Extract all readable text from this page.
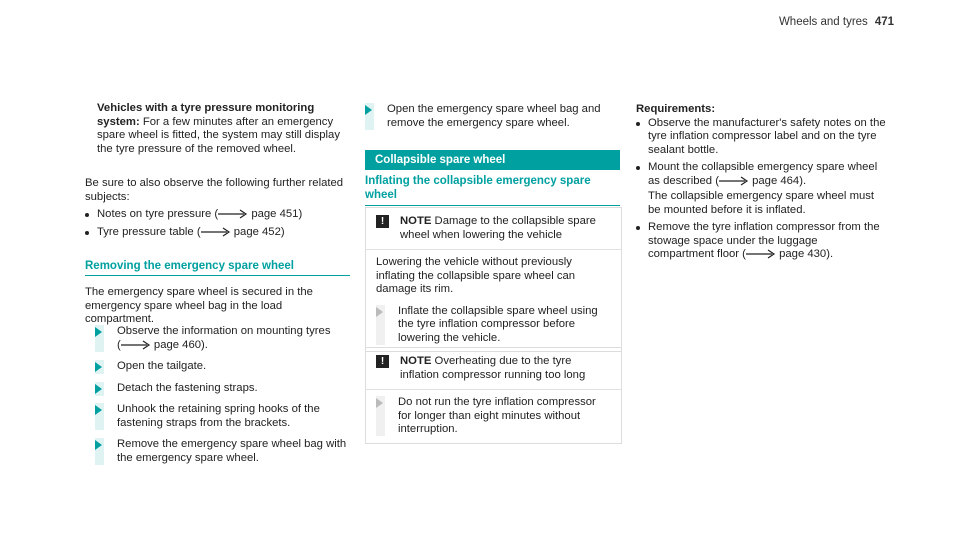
Wheels and tyres 471
Vehicles with a tyre pressure monitoring system: For a few minutes after an emergency spare wheel is fitted, the system may still display the tyre pressure of the removed wheel.
Be sure to also observe the following further related subjects:
Notes on tyre pressure (	page 451)
Tyre pressure table (	page 452)
Removing the emergency spare wheel
The emergency spare wheel is secured in the emergency spare wheel bag in the load compartment.
Observe the information on mounting tyres
(	page 460).
Open the tailgate.
Detach the fastening straps.
Unhook the retaining spring hooks of the fastening straps from the brackets.
Remove the emergency spare wheel bag with the emergency spare wheel.
Open the emergency spare wheel bag and remove the emergency spare wheel.
Collapsible spare wheel
Inflating the collapsible emergency spare wheel
!	NOTE Damage to the collapsible spare wheel when lowering the vehicle
Lowering the vehicle without previously inflating the collapsible spare wheel can damage its rim.
Inflate the collapsible spare wheel using the tyre inflation compressor before lowering the vehicle.
!	NOTE Overheating due to the tyre inflation compressor running too long
Do not run the tyre inflation compressor for longer than eight minutes without interruption.
Requirements:
Observe the manufacturer's safety notes on the tyre inflation compressor label and on the tyre sealant bottle.
Mount the collapsible emergency spare wheel as described (	page 464).
The collapsible emergency spare wheel must be mounted before it is inflated.
Remove the tyre inflation compressor from the stowage space under the luggage compartment floor (	page 430).
